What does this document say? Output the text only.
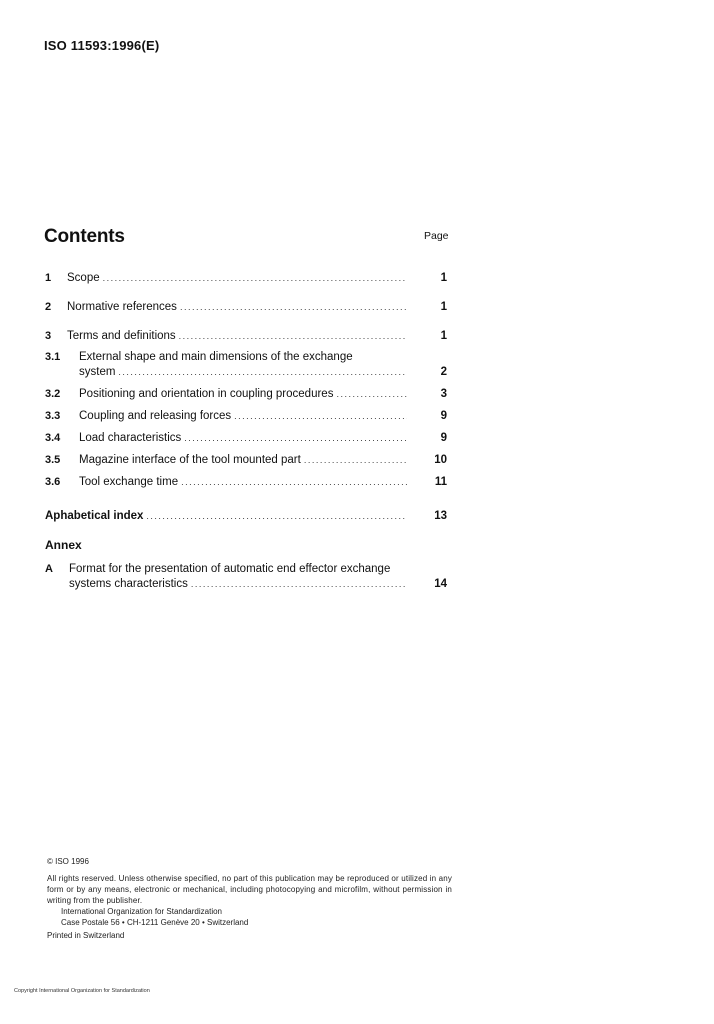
ISO 11593:1996(E)
Contents	Page
1 Scope .....	1
2 Normative references .....	1
3 Terms and definitions .....	1
3.1 External shape and main dimensions of the exchange
system .....	2
3.2 Positioning and orientation in coupling procedures .....	3
3.3 Coupling and releasing forces .....	9
3.4 Load characteristics .....	9
3.5 Magazine interface of the tool mounted part .....	10
3.6 Tool exchange time .....	11
Aphabetical index .....	13
Annex
A Format for the presentation of automatic end effector exchange
systems characteristics .....	14

© ISO 1996

All rights reserved. Unless otherwise specified, no part of this publication may be reproduced or utilized in any form or by any means, electronic or mechanical, including photocopying and microfilm, without permission in writing from the publisher.

International Organization for Standardization

Case Postale 56 • CH-1211 Genève 20 • Switzerland

Printed in Switzerland

Copyright International Organization for Standardization
